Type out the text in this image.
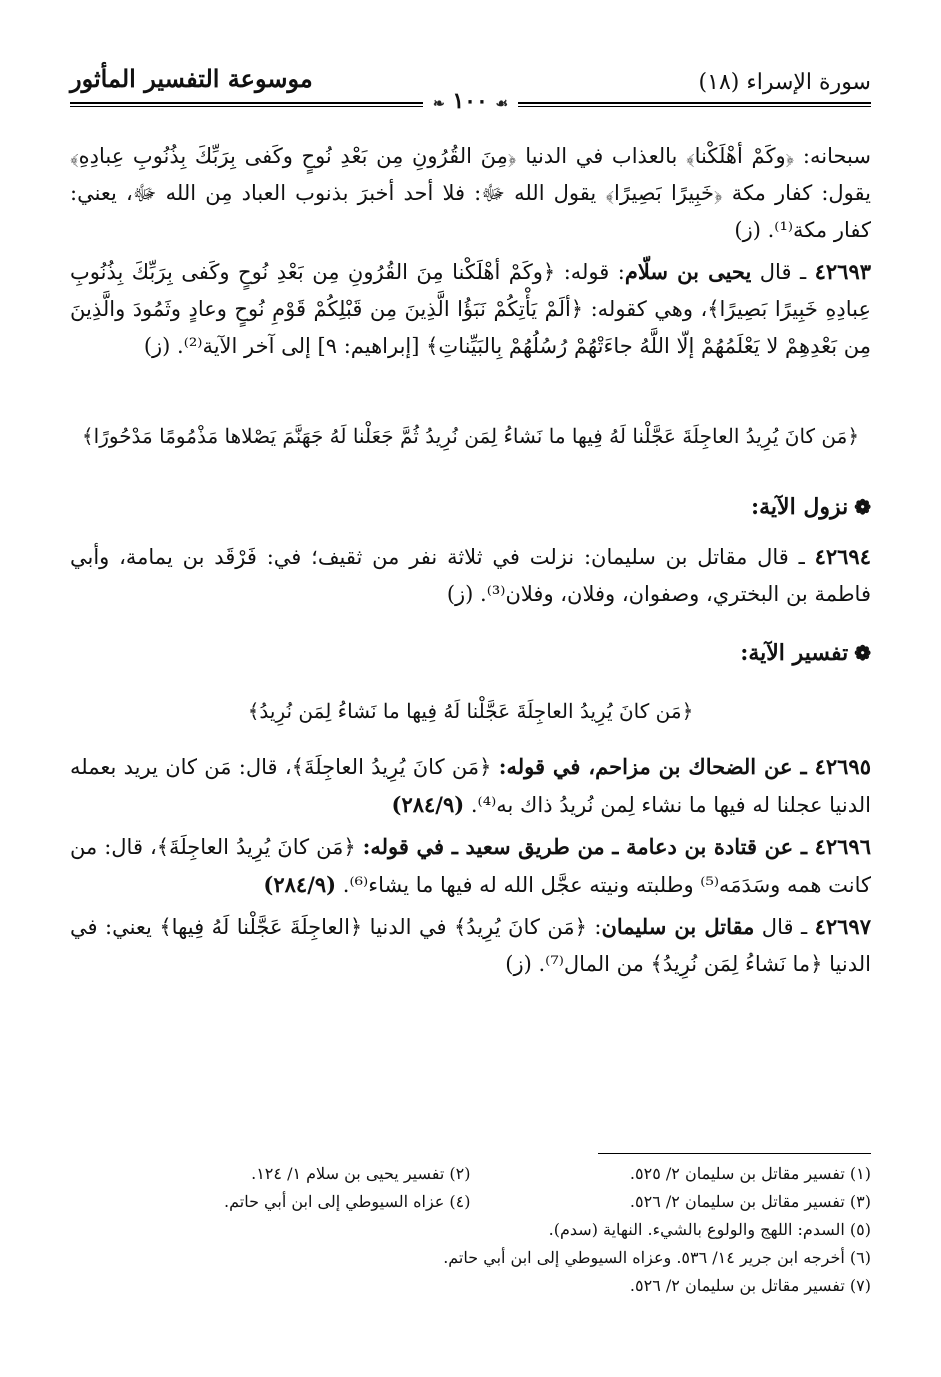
سورة الإسراء (١٨)
موسوعة التفسير المأثور
❧ ١٠٠ ☙

سبحانه: ﴿وكَمْ أهْلَكْنا﴾ بالعذاب في الدنيا ﴿مِنَ القُرُونِ مِن بَعْدِ نُوحٍ وكَفى بِرَبِّكَ بِذُنُوبِ عِبادِهِ﴾ يقول: كفار مكة ﴿خَبِيرًا بَصِيرًا﴾ يقول الله ﷻ: فلا أحد أخبرَ بذنوب العباد مِن الله ﷻ، يعني: كفار مكة⁽¹⁾. (ز)

٤٢٦٩٣ ـ قال يحيى بن سلّام: قوله: ﴿وكَمْ أهْلَكْنا مِنَ القُرُونِ مِن بَعْدِ نُوحٍ وكَفى بِرَبِّكَ بِذُنُوبِ عِبادِهِ خَبِيرًا بَصِيرًا﴾، وهي كقوله: ﴿ألَمْ يَأْتِكُمْ نَبَؤُا الَّذِينَ مِن قَبْلِكُمْ قَوْمِ نُوحٍ وعادٍ وثَمُودَ والَّذِينَ مِن بَعْدِهِمْ لا يَعْلَمُهُمْ إلّا اللَّهُ جاءَتْهُمْ رُسُلُهُمْ بِالبَيِّناتِ﴾ [إبراهيم: ٩] إلى آخر الآية⁽²⁾. (ز)

﴿مَن كانَ يُرِيدُ العاجِلَةَ عَجَّلْنا لَهُ فِيها ما نَشاءُ لِمَن نُرِيدُ ثُمَّ جَعَلْنا لَهُ جَهَنَّمَ يَصْلاها مَذْمُومًا مَدْحُورًا﴾

❁نزول الآية:

٤٢٦٩٤ ـ قال مقاتل بن سليمان: نزلت في ثلاثة نفر من ثقيف؛ في: فَرْقَد بن يمامة، وأبي فاطمة بن البختري، وصفوان، وفلان، وفلان⁽³⁾. (ز)

❁تفسير الآية:

﴿مَن كانَ يُرِيدُ العاجِلَةَ عَجَّلْنا لَهُ فِيها ما نَشاءُ لِمَن نُرِيدُ﴾

٤٢٦٩٥ ـ عن الضحاك بن مزاحم، في قوله: ﴿مَن كانَ يُرِيدُ العاجِلَةَ﴾، قال: مَن كان يريد بعمله الدنيا عجلنا له فيها ما نشاء لِمن نُريدُ ذاك به⁽⁴⁾. (٢٨٤/٩)

٤٢٦٩٦ ـ عن قتادة بن دعامة ـ من طريق سعيد ـ في قوله: ﴿مَن كانَ يُرِيدُ العاجِلَةَ﴾، قال: من كانت همه وسَدَمَه⁽⁵⁾ وطلبته ونيته عجَّل الله له فيها ما يشاء⁽⁶⁾. (٢٨٤/٩)

٤٢٦٩٧ ـ قال مقاتل بن سليمان: ﴿مَن كانَ يُرِيدُ﴾ في الدنيا ﴿العاجِلَةَ عَجَّلْنا لَهُ فِيها﴾ يعني: في الدنيا ﴿ما نَشاءُ لِمَن نُرِيدُ﴾ من المال⁽⁷⁾. (ز)

(١) تفسير مقاتل بن سليمان ٢/ ٥٢٥.
(٢) تفسير يحيى بن سلام ١/ ١٢٤.
(٣) تفسير مقاتل بن سليمان ٢/ ٥٢٦.
(٤) عزاه السيوطي إلى ابن أبي حاتم.
(٥) السدم: اللهج والولوع بالشيء. النهاية (سدم).
(٦) أخرجه ابن جرير ١٤/ ٥٣٦. وعزاه السيوطي إلى ابن أبي حاتم.
(٧) تفسير مقاتل بن سليمان ٢/ ٥٢٦.
